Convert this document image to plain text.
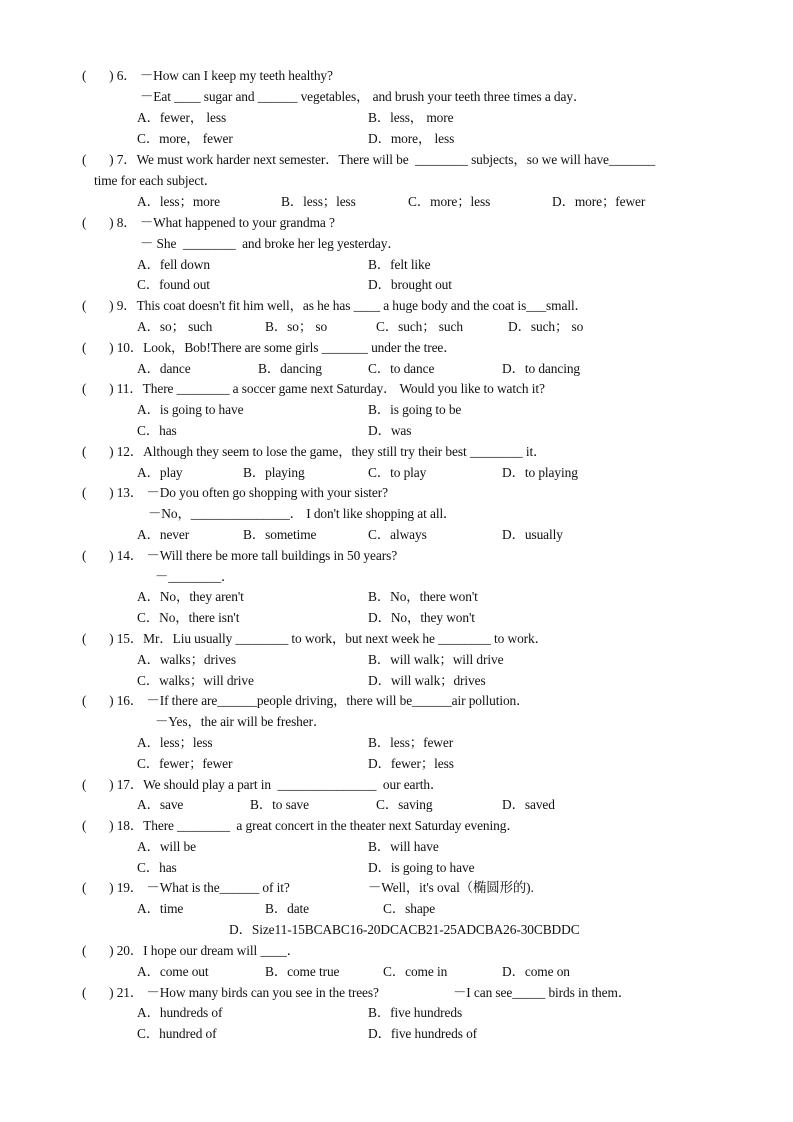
(       ) 6． －How can I keep my teeth healthy?
－Eat ____ sugar and ______ vegetables， and brush your teeth three times a day．
A．fewer， less	B．less， more
C．more， fewer	D．more， less
(       ) 7．We must work harder next semester．There will be  ________ subjects，so we will have_______
time for each subject．
A．less；more	B．less；less	C．more；less	D．more；fewer
(       ) 8． －What happened to your grandma ?
－ She  ________  and broke her leg yesterday．
A．fell down	B．felt like
C．found out	D．brought out
(       ) 9．This coat doesn't fit him well，as he has ____ a huge body and the coat is___small．
A．so； such	B．so； so	C．such； such	D．such； so
(       ) 10．Look，Bob!There are some girls _______ under the tree．
A．dance	B．dancing	C．to dance	D．to dancing
(       ) 11．There ________ a soccer game next Saturday． Would you like to watch it?
A．is going to have	B．is going to be
C．has	D．was
(       ) 12．Although they seem to lose the game，they still try their best ________ it．
A．play	B．playing	C．to play	D．to playing
(       ) 13． －Do you often go shopping with your sister?
－No，_______________． I don't like shopping at all．
A．never	B．sometime	C．always	D．usually
(       ) 14． －Will there be more tall buildings in 50 years?
－________．
A．No，they aren't	B．No，there won't
C．No，there isn't	D．No，they won't
(       ) 15．Mr．Liu usually ________ to work，but next week he ________ to work．
A．walks；drives	B．will walk；will drive
C．walks；will drive	D．will walk；drives
(       ) 16． －If there are______people driving，there will be______air pollution．
－Yes，the air will be fresher．
A．less；less	B．less；fewer
C．fewer；fewer	D．fewer；less
(       ) 17．We should play a part in  _______________  our earth．
A．save	B．to save	C．saving	D．saved
(       ) 18．There ________  a great concert in the theater next Saturday evening．
A．will be	B．will have
C．has	D．is going to have
(       ) 19． －What is the______ of it?	－Well，it's oval（椭圆形的).
A．time	B．date	C．shape
D．Size11-15BCABC16-20DCACB21-25ADCBA26-30CBDDC
(       ) 20．I hope our dream will ____．
A．come out	B．come true	C．come in	D．come on
(       ) 21． －How many birds can you see in the trees?	－I can see_____ birds in them．
A．hundreds of	B．five hundreds
C．hundred of	D．five hundreds of
